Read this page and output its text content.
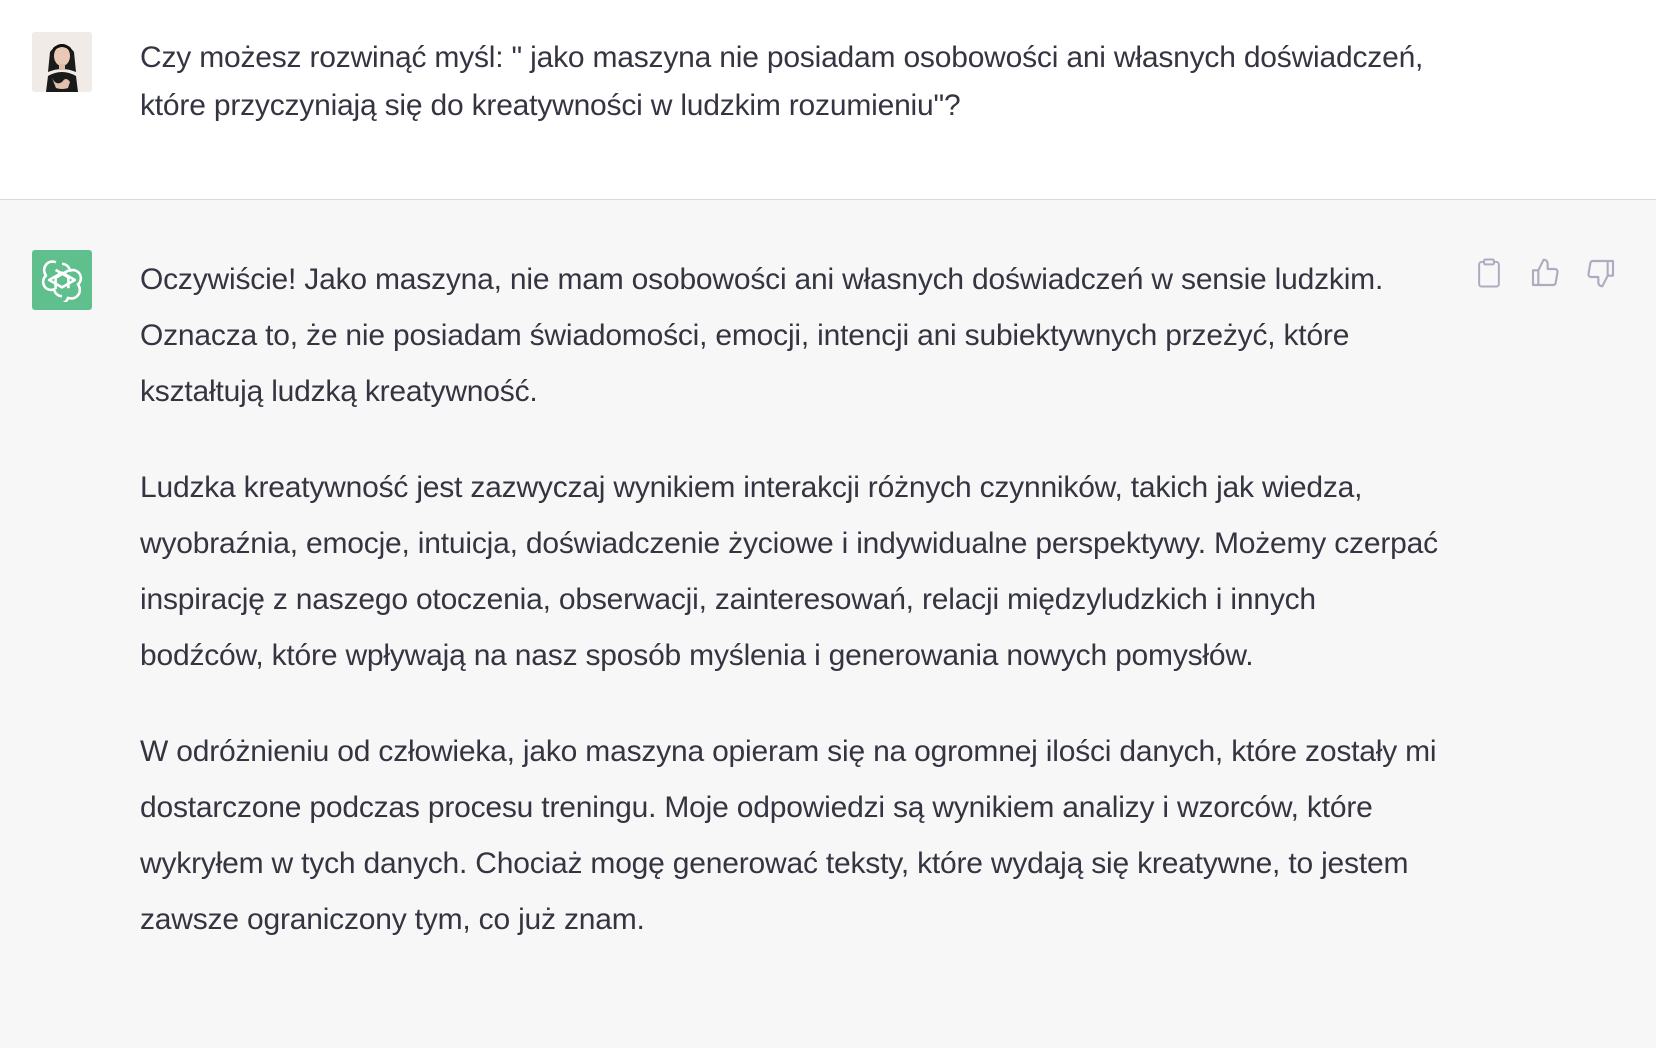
Czy możesz rozwinąć myśl: " jako maszyna nie posiadam osobowości ani własnych doświadczeń, które przyczyniają się do kreatywności w ludzkim rozumieniu"?

Oczywiście! Jako maszyna, nie mam osobowości ani własnych doświadczeń w sensie ludzkim. Oznacza to, że nie posiadam świadomości, emocji, intencji ani subiektywnych przeżyć, które kształtują ludzką kreatywność.

Ludzka kreatywność jest zazwyczaj wynikiem interakcji różnych czynników, takich jak wiedza, wyobraźnia, emocje, intuicja, doświadczenie życiowe i indywidualne perspektywy. Możemy czerpać inspirację z naszego otoczenia, obserwacji, zainteresowań, relacji międzyludzkich i innych bodźców, które wpływają na nasz sposób myślenia i generowania nowych pomysłów.

W odróżnieniu od człowieka, jako maszyna opieram się na ogromnej ilości danych, które zostały mi dostarczone podczas procesu treningu. Moje odpowiedzi są wynikiem analizy i wzorców, które wykryłem w tych danych. Chociaż mogę generować teksty, które wydają się kreatywne, to jestem zawsze ograniczony tym, co już znam.
